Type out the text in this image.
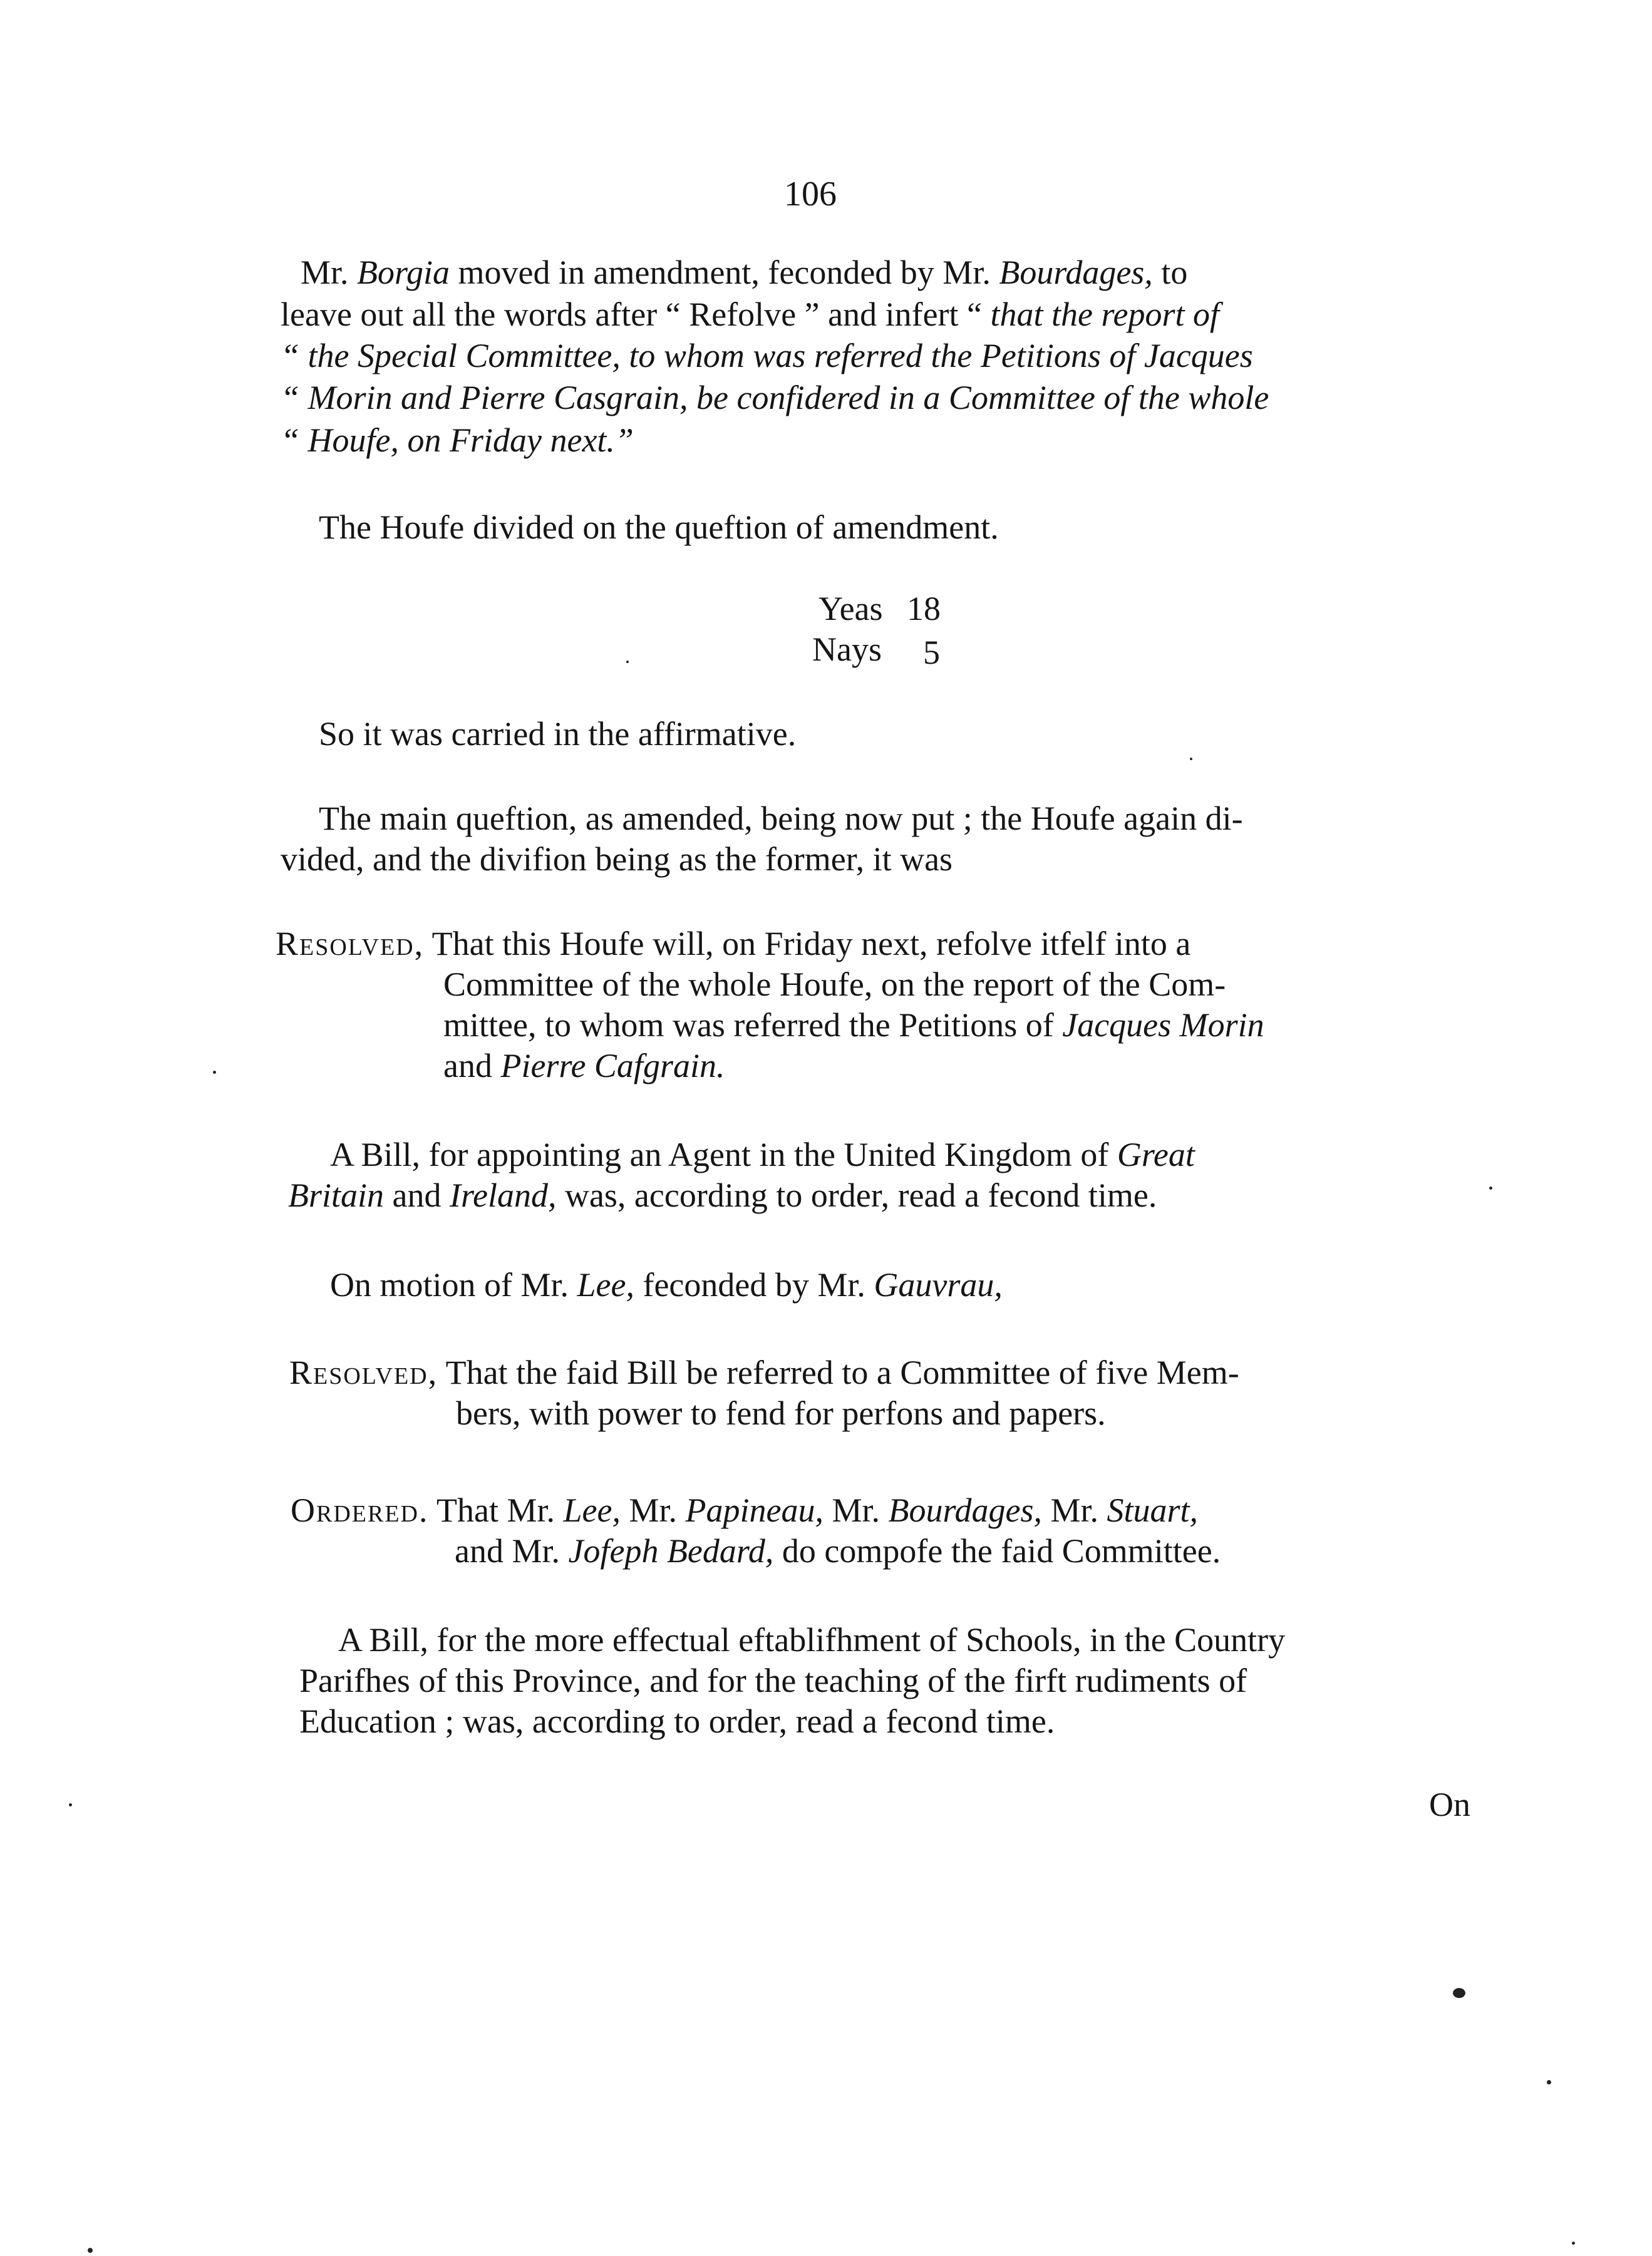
106
Mr. Borgia moved in amendment, feconded by Mr. Bourdages, to
leave out all the words after “ Refolve ” and infert “ that the report of
“ the Special Committee, to whom was referred the Petitions of Jacques
“ Morin and Pierre Casgrain, be confidered in a Committee of the whole
“ Houfe, on Friday next.”
The Houfe divided on the queftion of amendment.
Yeas 18
Nays 5
So it was carried in the affirmative.
The main queftion, as amended, being now put ; the Houfe again di-
vided, and the divifion being as the former, it was
Resolved, That this Houfe will, on Friday next, refolve itfelf into a
Committee of the whole Houfe, on the report of the Com-
mittee, to whom was referred the Petitions of Jacques Morin
and Pierre Cafgrain.
A Bill, for appointing an Agent in the United Kingdom of Great
Britain and Ireland, was, according to order, read a fecond time.
On motion of Mr. Lee, feconded by Mr. Gauvrau,
Resolved, That the faid Bill be referred to a Committee of five Mem-
bers, with power to fend for perfons and papers.
Ordered. That Mr. Lee, Mr. Papineau, Mr. Bourdages, Mr. Stuart,
and Mr. Jofeph Bedard, do compofe the faid Committee.
A Bill, for the more effectual eftablifhment of Schools, in the Country
Parifhes of this Province, and for the teaching of the firft rudiments of
Education ; was, according to order, read a fecond time.
On
